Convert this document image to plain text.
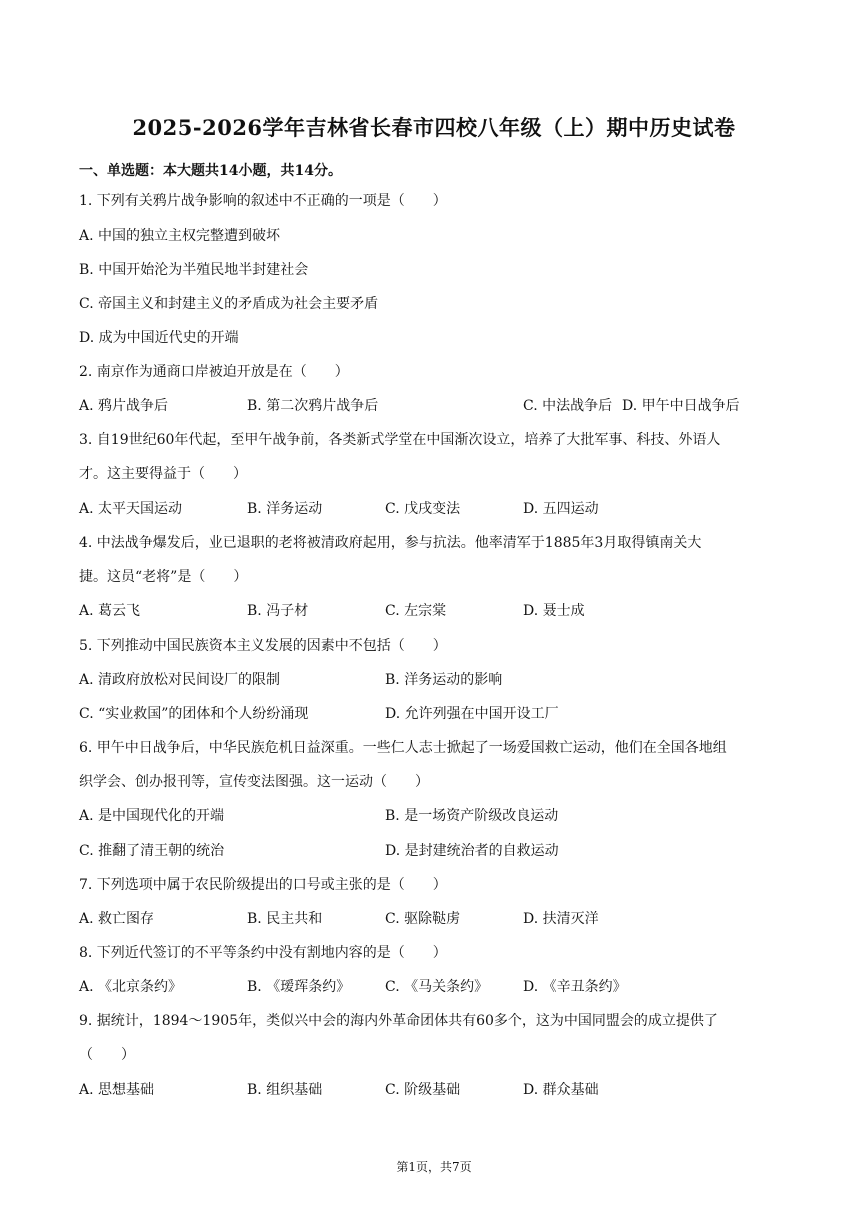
2025-2026学年吉林省长春市四校八年级（上）期中历史试卷
一、单选题：本大题共14小题，共14分。
1. 下列有关鸦片战争影响的叙述中不正确的一项是（　　）
A. 中国的独立主权完整遭到破坏
B. 中国开始沦为半殖民地半封建社会
C. 帝国主义和封建主义的矛盾成为社会主要矛盾
D. 成为中国近代史的开端
2. 南京作为通商口岸被迫开放是在（　　）
A. 鸦片战争后	B. 第二次鸦片战争后	C. 中法战争后 D. 甲午中日战争后
3. 自19世纪60年代起，至甲午战争前，各类新式学堂在中国渐次设立，培养了大批军事、科技、外语人
才。这主要得益于（　　）
A. 太平天国运动	B. 洋务运动	C. 戊戌变法	D. 五四运动
4. 中法战争爆发后，业已退职的老将被清政府起用，参与抗法。他率清军于1885年3月取得镇南关大
捷。这员“老将”是（　　）
A. 葛云飞	B. 冯子材	C. 左宗棠	D. 聂士成
5. 下列推动中国民族资本主义发展的因素中不包括（　　）
A. 清政府放松对民间设厂的限制	B. 洋务运动的影响
C. “实业救国”的团体和个人纷纷涌现	D. 允许列强在中国开设工厂
6. 甲午中日战争后，中华民族危机日益深重。一些仁人志士掀起了一场爱国救亡运动，他们在全国各地组
织学会、创办报刊等，宣传变法图强。这一运动（　　）
A. 是中国现代化的开端	B. 是一场资产阶级改良运动
C. 推翻了清王朝的统治	D. 是封建统治者的自救运动
7. 下列选项中属于农民阶级提出的口号或主张的是（　　）
A. 救亡图存	B. 民主共和	C. 驱除鞑虏	D. 扶清灭洋
8. 下列近代签订的不平等条约中没有割地内容的是（　　）
A. 《北京条约》	B. 《瑷珲条约》 C. 《马关条约》 D. 《辛丑条约》
9. 据统计，1894～1905年，类似兴中会的海内外革命团体共有60多个，这为中国同盟会的成立提供了
（　　）
A. 思想基础	B. 组织基础	C. 阶级基础	D. 群众基础
第1页，共7页
